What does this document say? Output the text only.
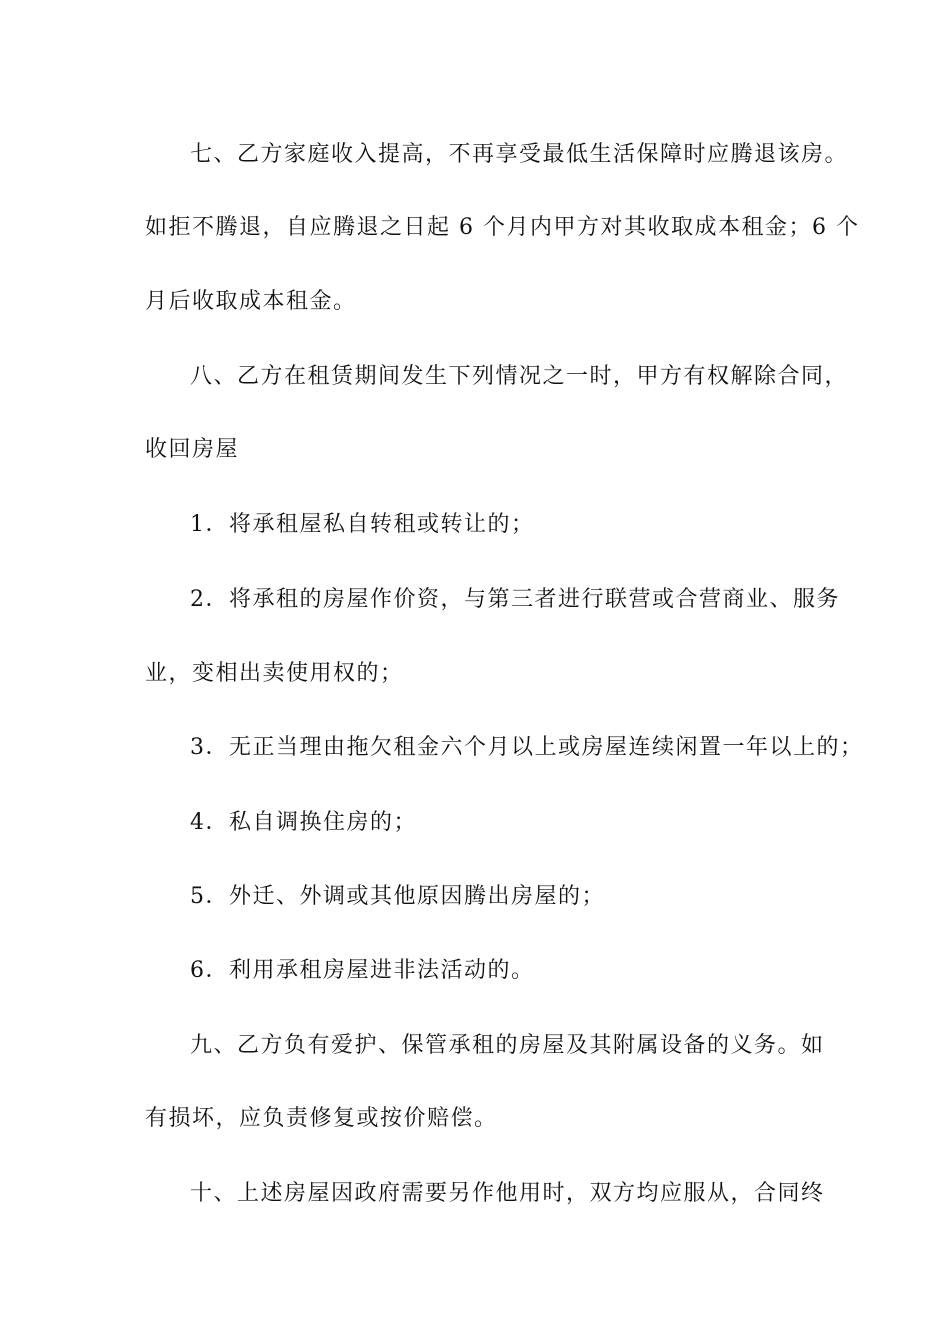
七、乙方家庭收入提高，不再享受最低生活保障时应腾退该房。
如拒不腾退，自应腾退之日起 6 个月内甲方对其收取成本租金；6 个
月后收取成本租金。
八、乙方在租赁期间发生下列情况之一时，甲方有权解除合同，
收回房屋
1．将承租屋私自转租或转让的；
2．将承租的房屋作价资，与第三者进行联营或合营商业、服务
业，变相出卖使用权的；
3．无正当理由拖欠租金六个月以上或房屋连续闲置一年以上的；
4．私自调换住房的；
5．外迁、外调或其他原因腾出房屋的；
6．利用承租房屋进非法活动的。
九、乙方负有爱护、保管承租的房屋及其附属设备的义务。如
有损坏，应负责修复或按价赔偿。
十、上述房屋因政府需要另作他用时，双方均应服从，合同终
